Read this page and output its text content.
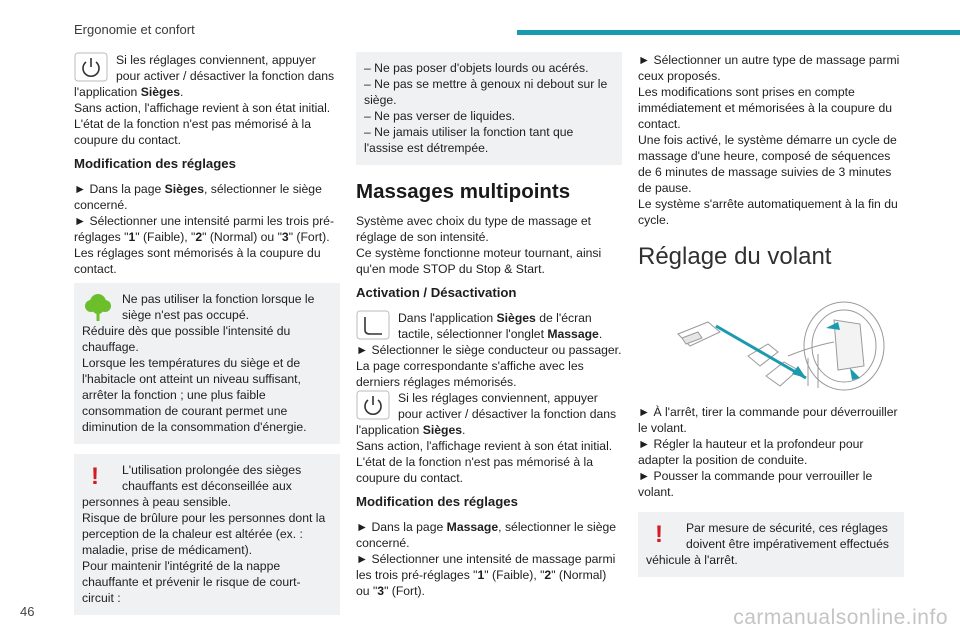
Ergonomie et confort
Si les réglages conviennent, appuyer pour activer / désactiver la fonction dans l'application Sièges.
Sans action, l'affichage revient à son état initial.
L'état de la fonction n'est pas mémorisé à la coupure du contact.
Modification des réglages
► Dans la page Sièges, sélectionner le siège concerné.
► Sélectionner une intensité parmi les trois pré-réglages "1" (Faible), "2" (Normal) ou "3" (Fort).
Les réglages sont mémorisés à la coupure du contact.
Ne pas utiliser la fonction lorsque le siège n'est pas occupé.
Réduire dès que possible l'intensité du chauffage.
Lorsque les températures du siège et de l'habitacle ont atteint un niveau suffisant, arrêter la fonction ; une plus faible consommation de courant permet une diminution de la consommation d'énergie.
!	L'utilisation prolongée des sièges chauffants est déconseillée aux personnes à peau sensible.
Risque de brûlure pour les personnes dont la perception de la chaleur est altérée (ex. : maladie, prise de médicament).
Pour maintenir l'intégrité de la nappe chauffante et prévenir le risque de court-circuit :
– Ne pas poser d'objets lourds ou acérés.
– Ne pas se mettre à genoux ni debout sur le siège.
– Ne pas verser de liquides.
– Ne jamais utiliser la fonction tant que l'assise est détrempée.
Massages multipoints
Système avec choix du type de massage et réglage de son intensité.
Ce système fonctionne moteur tournant, ainsi qu'en mode STOP du Stop & Start.
Activation / Désactivation
Dans l'application Sièges de l'écran tactile, sélectionner l'onglet Massage.
► Sélectionner le siège conducteur ou passager.
La page correspondante s'affiche avec les derniers réglages mémorisés.
Si les réglages conviennent, appuyer pour activer / désactiver la fonction dans l'application Sièges.
Sans action, l'affichage revient à son état initial.
L'état de la fonction n'est pas mémorisé à la coupure du contact.
Modification des réglages
► Dans la page Massage, sélectionner le siège concerné.
► Sélectionner une intensité de massage parmi les trois pré-réglages "1" (Faible), "2" (Normal) ou "3" (Fort).
► Sélectionner un autre type de massage parmi ceux proposés.
Les modifications sont prises en compte immédiatement et mémorisées à la coupure du contact.
Une fois activé, le système démarre un cycle de massage d'une heure, composé de séquences de 6 minutes de massage suivies de 3 minutes de pause.
Le système s'arrête automatiquement à la fin du cycle.
Réglage du volant
► À l'arrêt, tirer la commande pour déverrouiller le volant.
► Régler la hauteur et la profondeur pour adapter la position de conduite.
► Pousser la commande pour verrouiller le volant.
!	Par mesure de sécurité, ces réglages doivent être impérativement effectués véhicule à l'arrêt.
46	carmanualsonline.info
